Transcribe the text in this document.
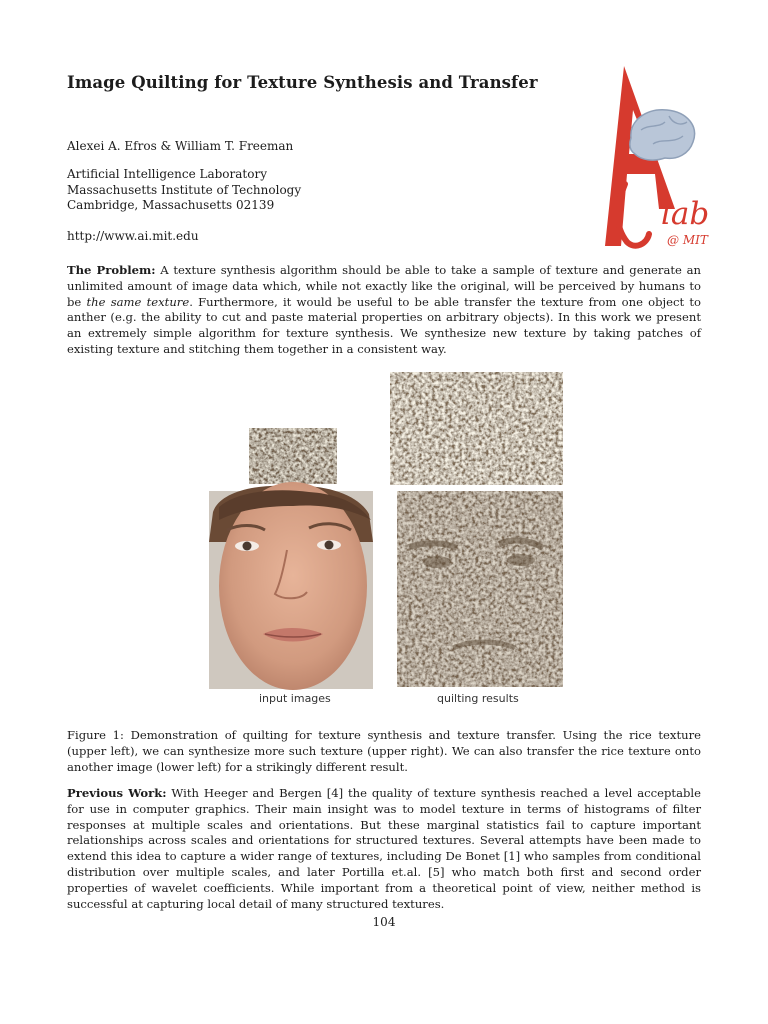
Image Quilting for Texture Synthesis and Transfer
Alexei A. Efros & William T. Freeman
Artificial Intelligence Laboratory
Massachusetts Institute of Technology
Cambridge, Massachusetts 02139
http://www.ai.mit.edu
lab
@ MIT

The Problem: A texture synthesis algorithm should be able to take a sample of texture and generate an unlimited amount of image data which, while not exactly like the original, will be perceived by humans to be the same texture. Furthermore, it would be useful to be able transfer the texture from one object to anther (e.g. the ability to cut and paste material properties on arbitrary objects). In this work we present an extremely simple algorithm for texture synthesis. We synthesize new texture by taking patches of existing texture and stitching them together in a consistent way.

input images	quilting results

Figure 1: Demonstration of quilting for texture synthesis and texture transfer. Using the rice texture (upper left), we can synthesize more such texture (upper right). We can also transfer the rice texture onto another image (lower left) for a strikingly different result.

Previous Work: With Heeger and Bergen [4] the quality of texture synthesis reached a level acceptable for use in computer graphics. Their main insight was to model texture in terms of histograms of filter responses at multiple scales and orientations. But these marginal statistics fail to capture important relationships across scales and orientations for structured textures. Several attempts have been made to extend this idea to capture a wider range of textures, including De Bonet [1] who samples from conditional distribution over multiple scales, and later Portilla et.al. [5] who match both first and second order properties of wavelet coefficients. While important from a theoretical point of view, neither method is successful at capturing local detail of many structured textures.

104
